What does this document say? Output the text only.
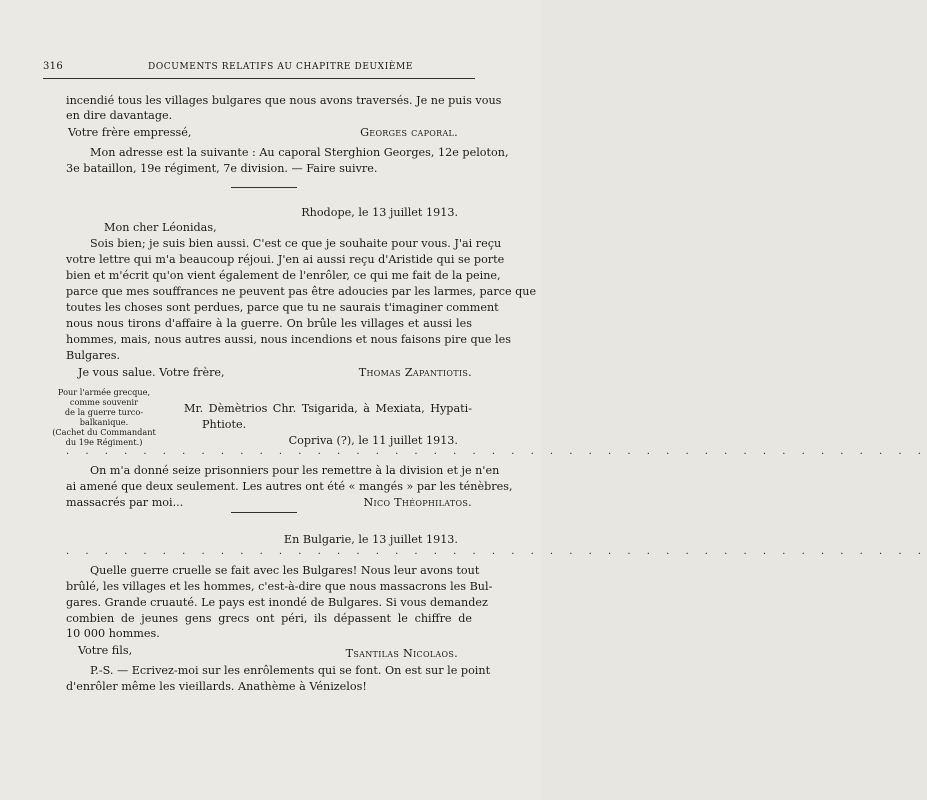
316	DOCUMENTS RELATIFS AU CHAPITRE DEUXIÈME
incendié tous les villages bulgares que nous avons traversés. Je ne puis vous
en dire davantage.
Votre frère empressé,	Georges caporal.
Mon adresse est la suivante : Au caporal Sterghion Georges, 12e peloton,
3e bataillon, 19e régiment, 7e division. — Faire suivre.
Rhodope, le 13 juillet 1913.
Mon cher Léonidas,
Sois bien; je suis bien aussi. C'est ce que je souhaite pour vous. J'ai reçu
votre lettre qui m'a beaucoup réjoui. J'en ai aussi reçu d'Aristide qui se porte
bien et m'écrit qu'on vient également de l'enrôler, ce qui me fait de la peine,
parce que mes souffrances ne peuvent pas être adoucies par les larmes, parce que
toutes les choses sont perdues, parce que tu ne saurais t'imaginer comment
nous nous tirons d'affaire à la guerre. On brûle les villages et aussi les
hommes, mais, nous autres aussi, nous incendions et nous faisons pire que les
Bulgares.
Je vous salue. Votre frère,	Thomas Zapantiotis.
Pour l'armée grecque,
comme souvenir
de la guerre turco-
balkanique.
(Cachet du Commandant
du 19e Régiment.)
Mr. Dèmètrios Chr. Tsigarida, à Mexiata, Hypati-
Phtiote.
Copriva (?), le 11 juillet 1913.
. . . . . . . . . . . . . . . . . . . . . . . . . . . . . . . . . . . . . . . . . . . . .
On m'a donné seize prisonniers pour les remettre à la division et je n'en
ai amené que deux seulement. Les autres ont été « mangés » par les ténèbres,
massacrés par moi...	Nico Théophilatos.
En Bulgarie, le 13 juillet 1913.
. . . . . . . . . . . . . . . . . . . . . . . . . . . . . . . . . . . . . . . . . . . . .
Quelle guerre cruelle se fait avec les Bulgares! Nous leur avons tout
brûlé, les villages et les hommes, c'est-à-dire que nous massacrons les Bul-
gares. Grande cruauté. Le pays est inondé de Bulgares. Si vous demandez
combien de jeunes gens grecs ont péri, ils dépassent le chiffre de
10 000 hommes.
Votre fils,	Tsantilas Nicolaos.
P.-S. — Ecrivez-moi sur les enrôlements qui se font. On est sur le point
d'enrôler même les vieillards. Anathème à Vénizelos!
